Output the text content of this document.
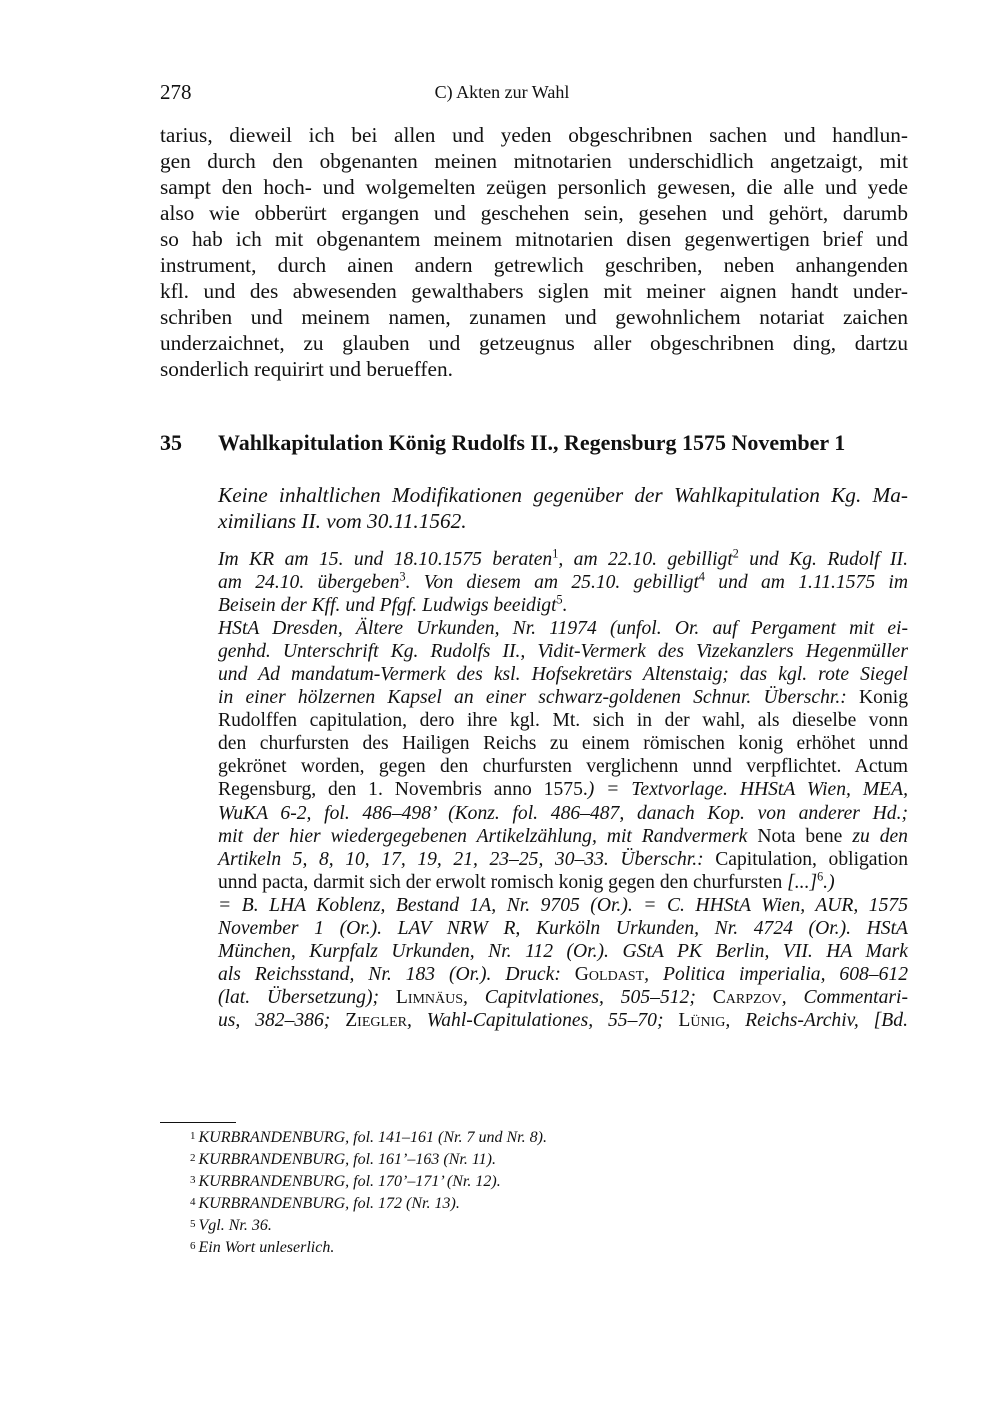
278	C) Akten zur Wahl
tarius, dieweil ich bei allen und yeden obgeschribnen sachen und handlun-
gen durch den obgenanten meinen mitnotarien underschidlich angetzaigt, mit
sampt den hoch- und wolgemelten zeügen personlich gewesen, die alle und yede
also wie obberürt ergangen und geschehen sein, gesehen und gehört, darumb
so hab ich mit obgenantem meinem mitnotarien disen gegenwertigen brief und
instrument, durch ainen andern getrewlich geschriben, neben anhangenden
kfl. und des abwesenden gewalthabers siglen mit meiner aignen handt under-
schriben und meinem namen, zunamen und gewohnlichem notariat zaichen
underzaichnet, zu glauben und getzeugnus aller obgeschribnen ding, dartzu
sonderlich requirirt und berueffen.
35 Wahlkapitulation König Rudolfs II., Regensburg 1575 November 1
Keine inhaltlichen Modifikationen gegenüber der Wahlkapitulation Kg. Ma-
ximilians II. vom 30.11.1562.
Im KR am 15. und 18.10.1575 beraten$^1$, am 22.10. gebilligt$^2$ und Kg. Rudolf II.
am 24.10. übergeben$^3$. Von diesem am 25.10. gebilligt$^4$ und am 1.11.1575 im
Beisein der Kff. und Pfgf. Ludwigs beeidigt$^5$.
HStA Dresden, Ältere Urkunden, Nr. 11974 (unfol. Or. auf Pergament mit ei-
genhd. Unterschrift Kg. Rudolfs II., Vidit-Vermerk des Vizekanzlers Hegenmüller
und Ad mandatum-Vermerk des ksl. Hofsekretärs Altenstaig; das kgl. rote Siegel
in einer hölzernen Kapsel an einer schwarz-goldenen Schnur. Überschr.: Konig
Rudolffen capitulation, dero ihre kgl. Mt. sich in der wahl, als dieselbe vonn
den churfursten des Hailigen Reichs zu einem römischen konig erhöhet unnd
gekrönet worden, gegen den churfursten verglichenn unnd verpflichtet. Actum
Regensburg, den 1. Novembris anno 1575.) = Textvorlage. HHStA Wien, MEA,
WuKA 6-2, fol. 486–498’ (Konz. fol. 486–487, danach Kop. von anderer Hd.;
mit der hier wiedergegebenen Artikelzählung, mit Randvermerk Nota bene zu den
Artikeln 5, 8, 10, 17, 19, 21, 23–25, 30–33. Überschr.: Capitulation, obligation
unnd pacta, darmit sich der erwolt romisch konig gegen den churfursten [...]$^6$.)
= B. LHA Koblenz, Bestand 1A, Nr. 9705 (Or.). = C. HHStA Wien, AUR, 1575
November 1 (Or.). LAV NRW R, Kurköln Urkunden, Nr. 4724 (Or.). HStA
München, Kurpfalz Urkunden, Nr. 112 (Or.). GStA PK Berlin, VII. HA Mark
als Reichsstand, Nr. 183 (Or.). Druck: Goldast, Politica imperialia, 608–612
(lat. Übersetzung); Limnäus, Capitvlationes, 505–512; Carpzov, Commentari-
us, 382–386; Ziegler, Wahl-Capitulationes, 55–70; Lünig, Reichs-Archiv, [Bd.
1 KURBRANDENBURG, fol. 141–161 (Nr. 7 und Nr. 8).
2 KURBRANDENBURG, fol. 161’–163 (Nr. 11).
3 KURBRANDENBURG, fol. 170’–171’ (Nr. 12).
4 KURBRANDENBURG, fol. 172 (Nr. 13).
5 Vgl. Nr. 36.
6 Ein Wort unleserlich.
